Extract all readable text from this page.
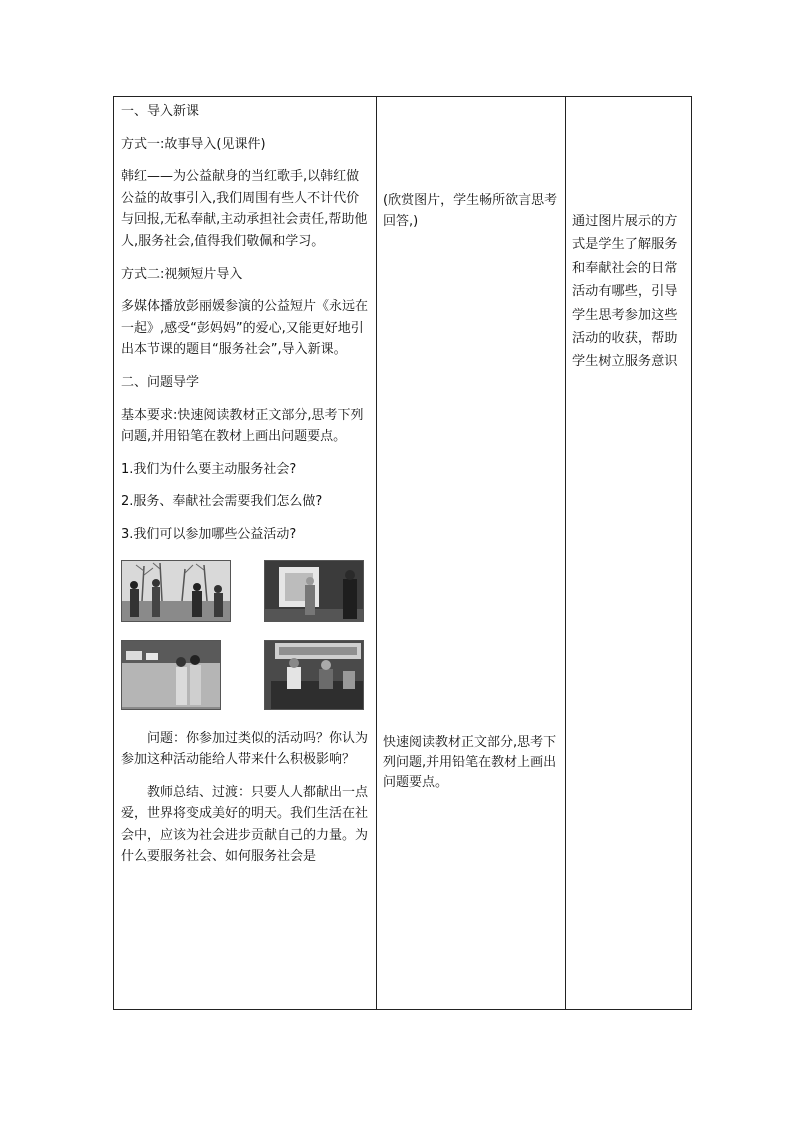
一、导入新课

方式一:故事导入(见课件)

韩红——为公益献身的当红歌手,以韩红做公益的故事引入,我们周围有些人不计代价与回报,无私奉献,主动承担社会责任,帮助他人,服务社会,值得我们敬佩和学习。

方式二:视频短片导入

多媒体播放彭丽媛参演的公益短片《永远在一起》,感受“彭妈妈”的爱心,又能更好地引出本节课的题目“服务社会”,导入新课。

二、问题导学

基本要求:快速阅读教材正文部分,思考下列问题,并用铅笔在教材上画出问题要点。

1.我们为什么要主动服务社会?

2.服务、奉献社会需要我们怎么做?

3.我们可以参加哪些公益活动?

问题：你参加过类似的活动吗？你认为参加这种活动能给人带来什么积极影响？

教师总结、过渡：只要人人都献出一点爱，世界将变成美好的明天。我们生活在社会中，应该为社会进步贡献自己的力量。为什么要服务社会、如何服务社会是

(欣赏图片，学生畅所欲言思考回答,)
快速阅读教材正文部分,思考下列问题,并用铅笔在教材上画出问题要点。
通过图片展示的方式是学生了解服务和奉献社会的日常活动有哪些，引导学生思考参加这些活动的收获，帮助学生树立服务意识
